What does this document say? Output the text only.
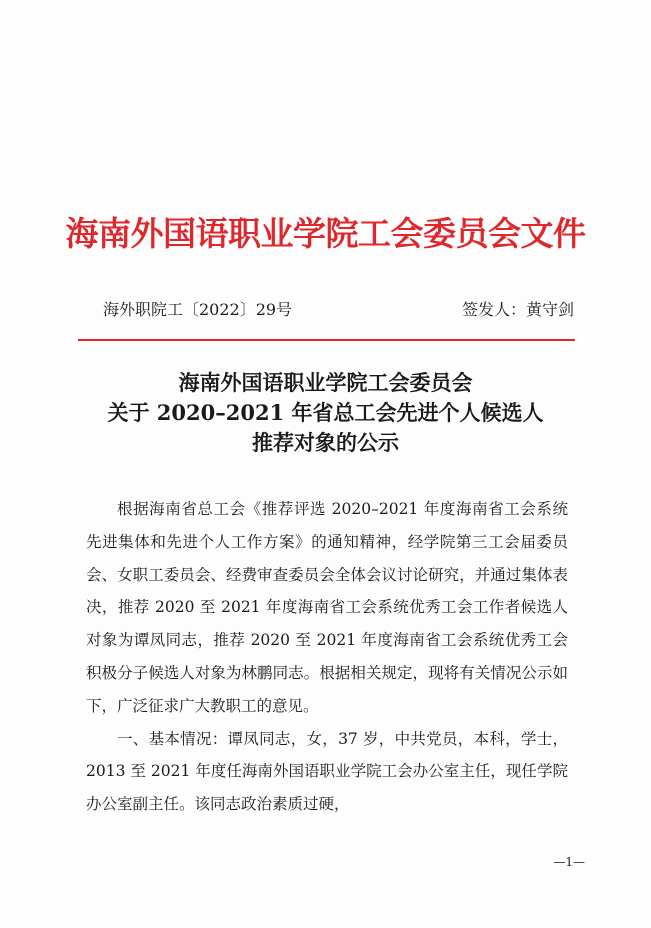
海南外国语职业学院工会委员会文件
海外职院工〔2022〕29号	签发人：黄守剑
海南外国语职业学院工会委员会
关于 2020–2021 年省总工会先进个人候选人
推荐对象的公示

根据海南省总工会《推荐评选 2020–2021 年度海南省工会系统先进集体和先进个人工作方案》的通知精神，经学院第三工会届委员会、女职工委员会、经费审查委员会全体会议讨论研究，并通过集体表决，推荐 2020 至 2021 年度海南省工会系统优秀工会工作者候选人对象为谭凤同志，推荐 2020 至 2021 年度海南省工会系统优秀工会积极分子候选人对象为林鹏同志。根据相关规定，现将有关情况公示如下，广泛征求广大教职工的意见。

一、基本情况：谭凤同志，女，37 岁，中共党员，本科，学士，2013 至 2021 年度任海南外国语职业学院工会办公室主任，现任学院办公室副主任。该同志政治素质过硬，

—1—
